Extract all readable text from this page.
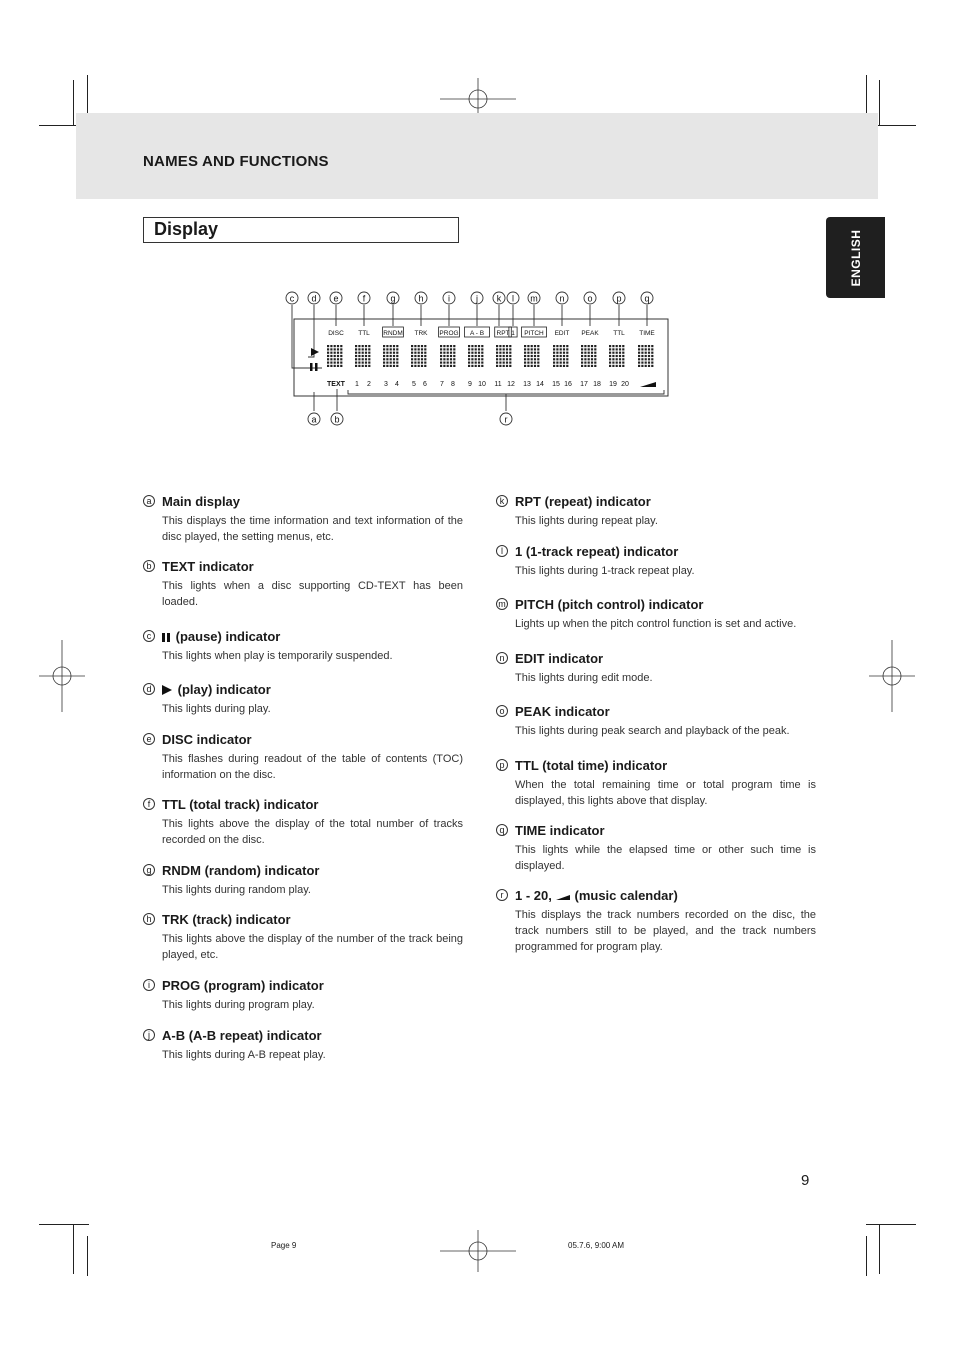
NAMES AND FUNCTIONS
Display
ENGLISH
c d e	f	g	h	i	j k l m n	o	p	q
a b	r
DISC TTL RNDM TRK PROG A - B RPT 1 PITCH EDIT PEAK TTL TIME
TEXT 1 2 3 4 5 6 7 8 9 10 11 12 13 14 15 16 17 18 19 20
a Main display
This displays the time information and text information of the disc played, the setting menus, etc.
b TEXT indicator
This lights when a disc supporting CD-TEXT has been loaded.
c (pause) indicator
This lights when play is temporarily suspended.
d (play) indicator
This lights during play.
e DISC indicator
This flashes during readout of the table of contents (TOC) information on the disc.
f TTL (total track) indicator
This lights above the display of the total number of tracks recorded on the disc.
g RNDM (random) indicator
This lights during random play.
h TRK (track) indicator
This lights above the display of the number of the track being played, etc.
i PROG (program) indicator
This lights during program play.
j A-B (A-B repeat) indicator
This lights during A-B repeat play.
k RPT (repeat) indicator
This lights during repeat play.
l 1 (1-track repeat) indicator
This lights during 1-track repeat play.
m PITCH (pitch control) indicator
Lights up when the pitch control function is set and active.
n EDIT indicator
This lights during edit mode.
o PEAK indicator
This lights during peak search and playback of the peak.
p TTL (total time) indicator
When the total remaining time or total program time is displayed, this lights above that display.
q TIME indicator
This lights while the elapsed time or other such time is displayed.
r 1 - 20, (music calendar)
This displays the track numbers recorded on the disc, the track numbers still to be played, and the track numbers programmed for program play.
9
Page 9	05.7.6, 9:00 AM
